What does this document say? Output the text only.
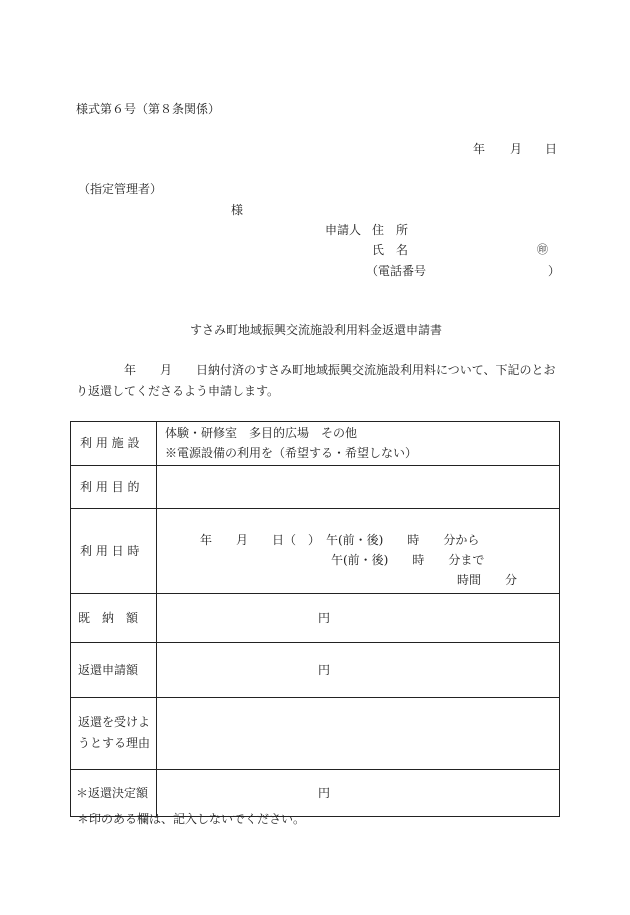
様式第６号（第８条関係）
年 月 日
（指定管理者）
様
申請人 住　所
氏　名	㊞
（電話番号	）
すさみ町地域振興交流施設利用料金返還申請書
　　　　年　　月　　日納付済のすさみ町地域振興交流施設利用料について、下記のとお
り返還してくださるよう申請します。
利 用 施 設	体験・研修室　多目的広場　その他
※電源設備の利用を（希望する・希望しない）

利 用 目 的	

利 用 日 時	年　　月　　日（　）　午(前・後)　　時　　分から
午(前・後)　　時　　分まで
時間　　分

既　納　額	円

返還申請額	円

返還を受けよ
うとする理由	

＊返還決定額	円
＊印のある欄は、記入しないでください。
